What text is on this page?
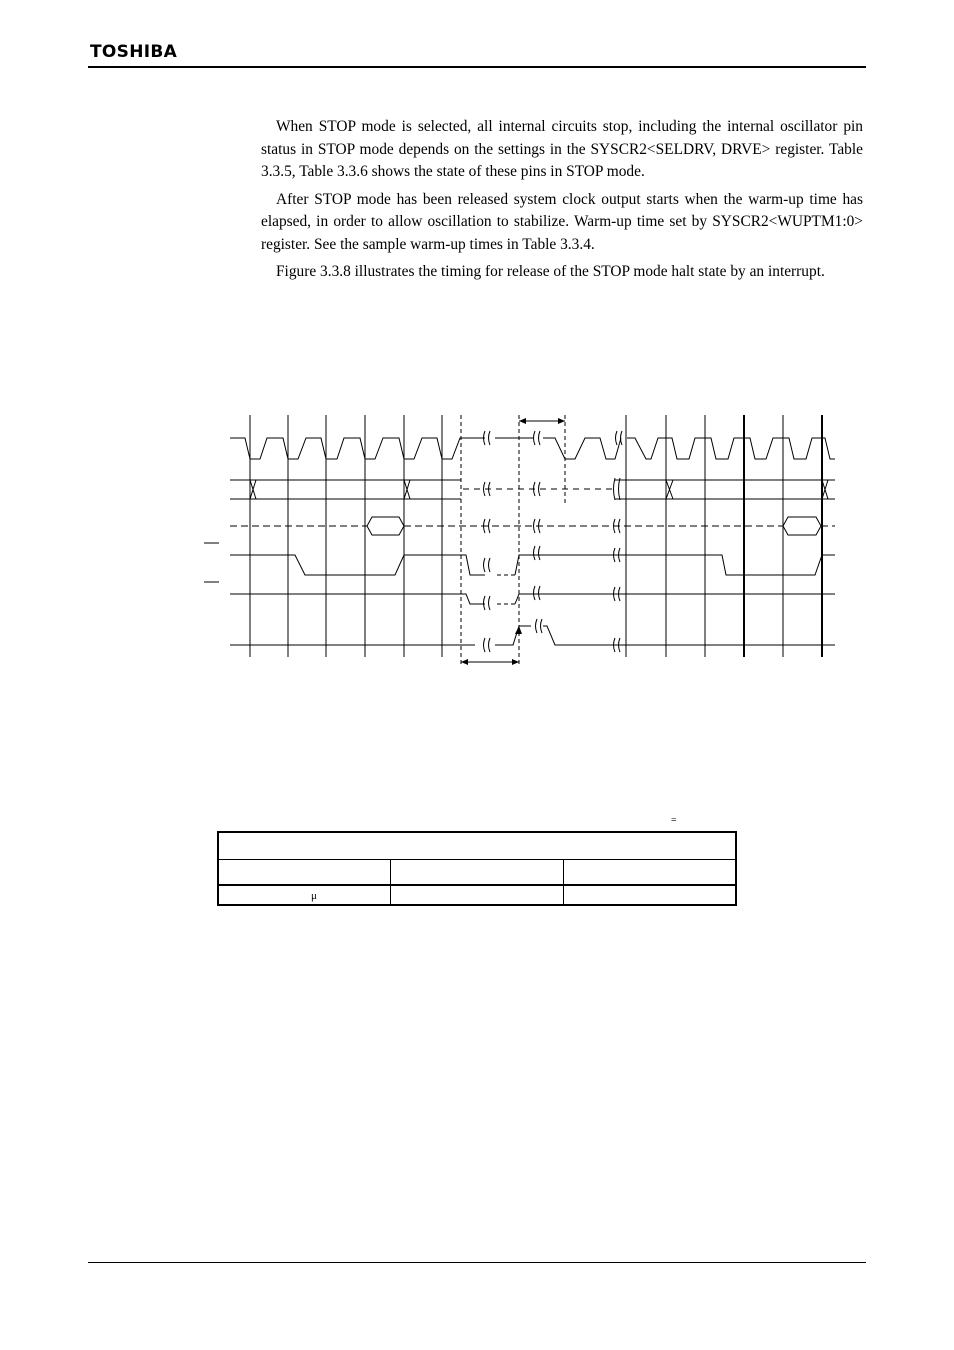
TOSHIBA

When STOP mode is selected, all internal circuits stop, including the internal oscillator pin status in STOP mode depends on the settings in the SYSCR2<SELDRV, DRVE> register. Table 3.3.5, Table 3.3.6 shows the state of these pins in STOP mode.

After STOP mode has been released system clock output starts when the warm-up time has elapsed, in order to allow oscillation to stabilize. Warm-up time set by SYSCR2<WUPTM1:0> register. See the sample warm-up times in Table 3.3.4.

Figure 3.3.8 illustrates the timing for release of the STOP mode halt state by an interrupt.

=

μ		
